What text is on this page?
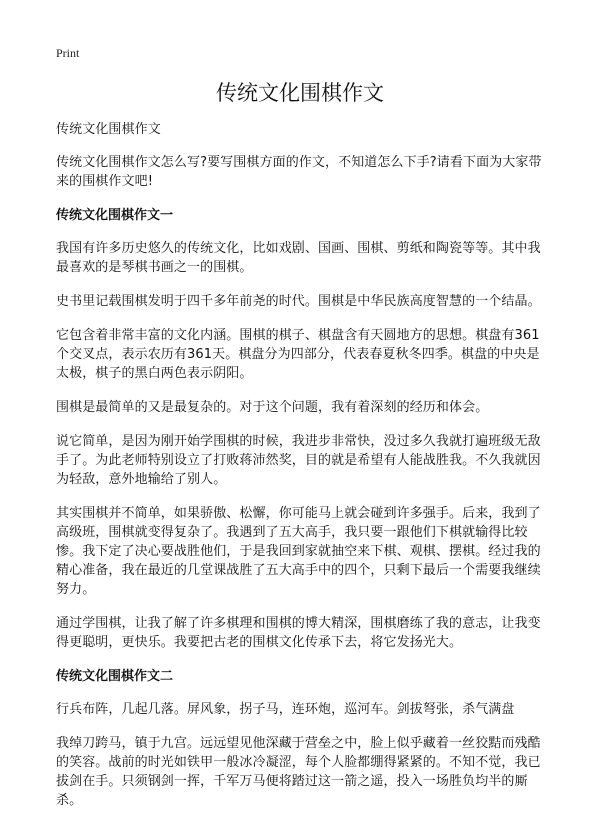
Print
传统文化围棋作文

传统文化围棋作文

传统文化围棋作文怎么写?要写围棋方面的作文，不知道怎么下手?请看下面为大家带来的围棋作文吧!

传统文化围棋作文一

我国有许多历史悠久的传统文化，比如戏剧、国画、围棋、剪纸和陶瓷等等。其中我最喜欢的是琴棋书画之一的围棋。

史书里记载围棋发明于四千多年前尧的时代。围棋是中华民族高度智慧的一个结晶。

它包含着非常丰富的文化内涵。围棋的棋子、棋盘含有天圆地方的思想。棋盘有361个交叉点，表示农历有361天。棋盘分为四部分，代表春夏秋冬四季。棋盘的中央是太极，棋子的黑白两色表示阴阳。

围棋是最简单的又是最复杂的。对于这个问题，我有着深刻的经历和体会。

说它简单，是因为刚开始学围棋的时候，我进步非常快，没过多久我就打遍班级无敌手了。为此老师特别设立了打败蒋沛然奖，目的就是希望有人能战胜我。不久我就因为轻敌，意外地输给了别人。

其实围棋并不简单，如果骄傲、松懈，你可能马上就会碰到许多强手。后来，我到了高级班，围棋就变得复杂了。我遇到了五大高手，我只要一跟他们下棋就输得比较惨。我下定了决心要战胜他们，于是我回到家就抽空来下棋、观棋、摆棋。经过我的精心准备，我在最近的几堂课战胜了五大高手中的四个，只剩下最后一个需要我继续努力。

通过学围棋，让我了解了许多棋理和围棋的博大精深，围棋磨练了我的意志，让我变得更聪明，更快乐。我要把古老的围棋文化传承下去，将它发扬光大。

传统文化围棋作文二

行兵布阵，几起几落。屏风象，拐子马，连环炮，巡河车。剑拔弩张，杀气满盘

我绰刀跨马，镇于九宫。远远望见他深藏于营垒之中，脸上似乎藏着一丝狡黠而残酷的笑容。战前的时光如铁甲一般冰冷凝涩，每个人脸都绷得紧紧的。不知不觉，我已拔剑在手。只须钢剑一挥，千军万马便将踏过这一箭之遥，投入一场胜负均半的厮杀。
